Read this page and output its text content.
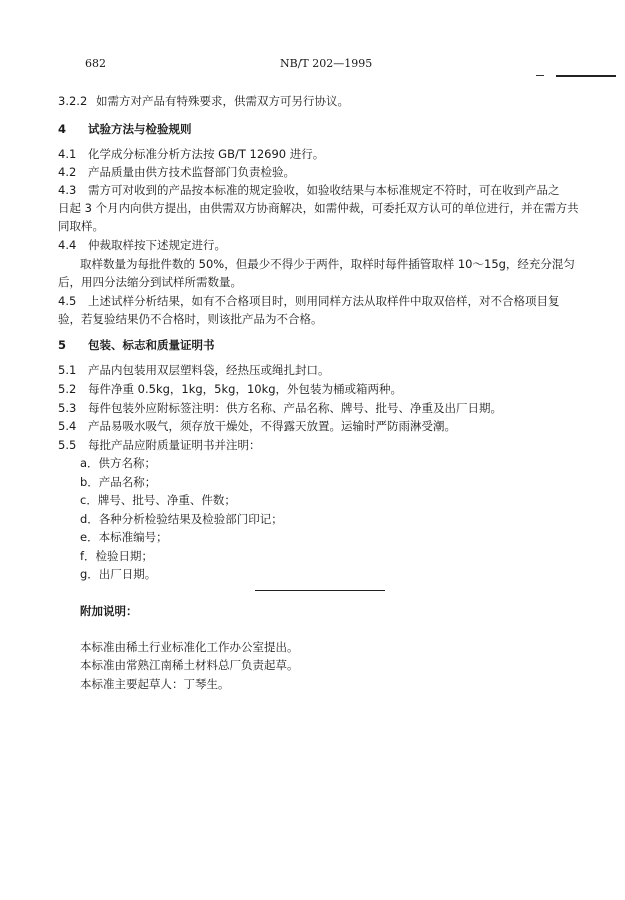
682	NB/T 202—1995
3.2.2 如需方对产品有特殊要求，供需双方可另行协议。
4 试验方法与检验规则
4.1 化学成分标准分析方法按 GB/T 12690 进行。
4.2 产品质量由供方技术监督部门负责检验。
4.3 需方可对收到的产品按本标准的规定验收，如验收结果与本标准规定不符时，可在收到产品之
日起 3 个月内向供方提出，由供需双方协商解决，如需仲裁，可委托双方认可的单位进行，并在需方共
同取样。
4.4 仲裁取样按下述规定进行。
取样数量为每批件数的 50%，但最少不得少于两件，取样时每件插管取样 10～15g，经充分混匀
后，用四分法缩分到试样所需数量。
4.5 上述试样分析结果，如有不合格项目时，则用同样方法从取样件中取双倍样，对不合格项目复
验，若复验结果仍不合格时，则该批产品为不合格。
5 包装、标志和质量证明书
5.1 产品内包装用双层塑料袋，经热压或绳扎封口。
5.2 每件净重 0.5kg，1kg，5kg，10kg，外包装为桶或箱两种。
5.3 每件包装外应附标签注明：供方名称、产品名称、牌号、批号、净重及出厂日期。
5.4 产品易吸水吸气，须存放干燥处，不得露天放置。运输时严防雨淋受潮。
5.5 每批产品应附质量证明书并注明：
a．供方名称；
b．产品名称；
c．牌号、批号、净重、件数；
d．各种分析检验结果及检验部门印记；
e．本标准编号；
f．检验日期；
g．出厂日期。
附加说明：
本标准由稀土行业标准化工作办公室提出。
本标准由常熟江南稀土材料总厂负责起草。
本标准主要起草人：丁琴生。
